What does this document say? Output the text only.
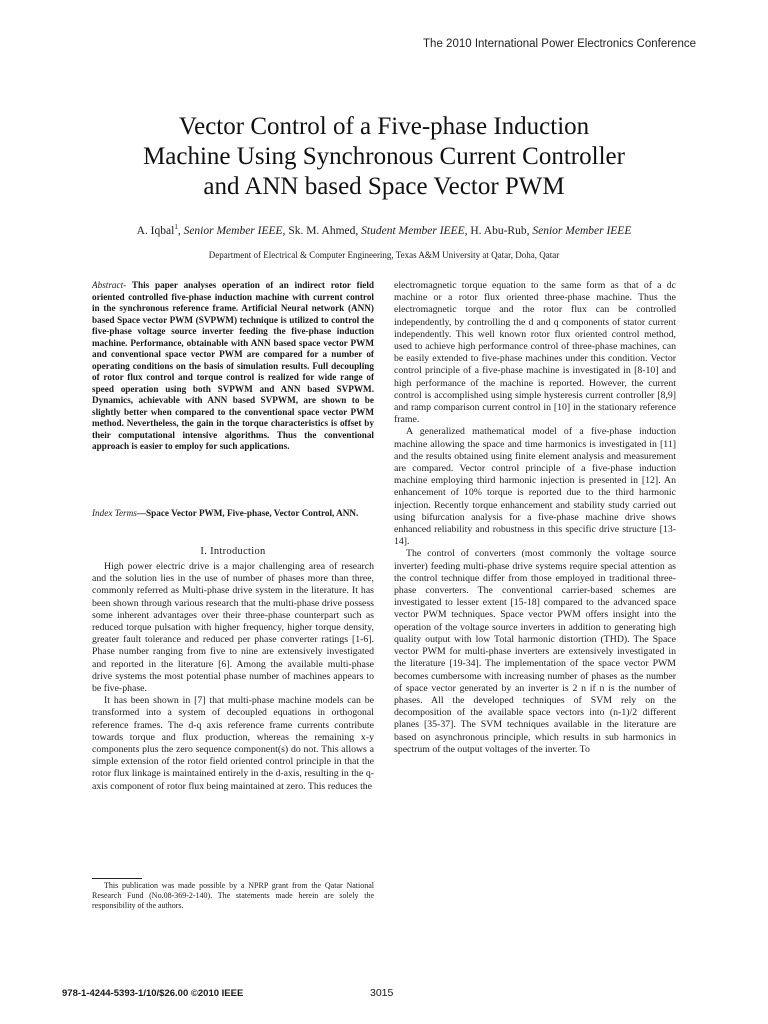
The 2010 International Power Electronics Conference
Vector Control of a Five-phase Induction
Machine Using Synchronous Current Controller
and ANN based Space Vector PWM
A. Iqbal$^1$, Senior Member IEEE, Sk. M. Ahmed, Student Member IEEE, H. Abu-Rub, Senior Member IEEE
Department of Electrical & Computer Engineering, Texas A&M University at Qatar, Doha, Qatar
Abstract- This paper analyses operation of an indirect rotor field oriented controlled five-phase induction machine with current control in the synchronous reference frame. Artificial Neural network (ANN) based Space vector PWM (SVPWM) technique is utilized to control the five-phase voltage source inverter feeding the five-phase induction machine. Performance, obtainable with ANN based space vector PWM and conventional space vector PWM are compared for a number of operating conditions on the basis of simulation results. Full decoupling of rotor flux control and torque control is realized for wide range of speed operation using both SVPWM and ANN based SVPWM. Dynamics, achievable with ANN based SVPWM, are shown to be slightly better when compared to the conventional space vector PWM method. Nevertheless, the gain in the torque characteristics is offset by their computational intensive algorithms. Thus the conventional approach is easier to employ for such applications.
Index Terms—Space Vector PWM, Five-phase, Vector Control, ANN.
I. Introduction

High power electric drive is a major challenging area of research and the solution lies in the use of number of phases more than three, commonly referred as Multi-phase drive system in the literature. It has been shown through various research that the multi-phase drive possess some inherent advantages over their three-phase counterpart such as reduced torque pulsation with higher frequency, higher torque density, greater fault tolerance and reduced per phase converter ratings [1-6]. Phase number ranging from five to nine are extensively investigated and reported in the literature [6]. Among the available multi-phase drive systems the most potential phase number of machines appears to be five-phase.

It has been shown in [7] that multi-phase machine models can be transformed into a system of decoupled equations in orthogonal reference frames. The d-q axis reference frame currents contribute towards torque and flux production, whereas the remaining x-y components plus the zero sequence component(s) do not. This allows a simple extension of the rotor field oriented control principle in that the rotor flux linkage is maintained entirely in the d-axis, resulting in the q-axis component of rotor flux being maintained at zero. This reduces the

electromagnetic torque equation to the same form as that of a dc machine or a rotor flux oriented three-phase machine. Thus the electromagnetic torque and the rotor flux can be controlled independently, by controlling the d and q components of stator current independently. This well known rotor flux oriented control method, used to achieve high performance control of three-phase machines, can be easily extended to five-phase machines under this condition. Vector control principle of a five-phase machine is investigated in [8-10] and high performance of the machine is reported. However, the current control is accomplished using simple hysteresis current controller [8,9] and ramp comparison current control in [10] in the stationary reference frame.

A generalized mathematical model of a five-phase induction machine allowing the space and time harmonics is investigated in [11] and the results obtained using finite element analysis and measurement are compared. Vector control principle of a five-phase induction machine employing third harmonic injection is presented in [12]. An enhancement of 10% torque is reported due to the third harmonic injection. Recently torque enhancement and stability study carried out using bifurcation analysis for a five-phase machine drive shows enhanced reliability and robustness in this specific drive structure [13-14].

The control of converters (most commonly the voltage source inverter) feeding multi-phase drive systems require special attention as the control technique differ from those employed in traditional three-phase converters. The conventional carrier-based schemes are investigated to lesser extent [15-18] compared to the advanced space vector PWM techniques. Space vector PWM offers insight into the operation of the voltage source inverters in addition to generating high quality output with low Total harmonic distortion (THD). The Space vector PWM for multi-phase inverters are extensively investigated in the literature [19-34]. The implementation of the space vector PWM becomes cumbersome with increasing number of phases as the number of space vector generated by an inverter is 2 n if n is the number of phases. All the developed techniques of SVM rely on the decomposition of the available space vectors into (n-1)/2 different planes [35-37]. The SVM techniques available in the literature are based on asynchronous principle, which results in sub harmonics in spectrum of the output voltages of the inverter. To

This publication was made possible by a NPRP grant from the Qatar National Research Fund (No.08-369-2-140). The statements made herein are solely the responsibility of the authors.
978-1-4244-5393-1/10/$26.00 ©2010 IEEE	3015
